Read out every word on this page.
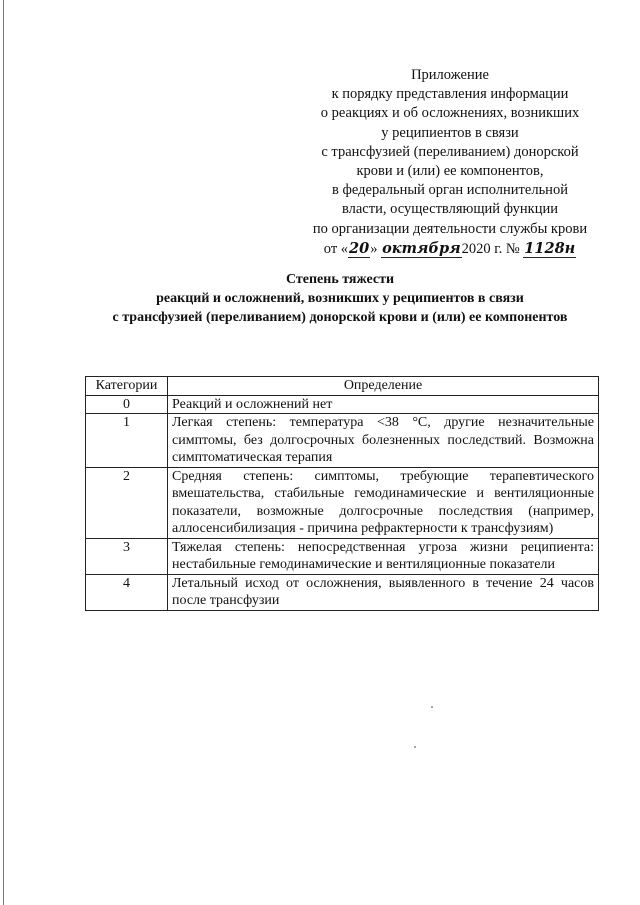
Приложение
к порядку представления информации
о реакциях и об осложнениях, возникших
у реципиентов в связи
с трансфузией (переливанием) донорской
крови и (или) ее компонентов,
в федеральный орган исполнительной
власти, осуществляющий функции
по организации деятельности службы крови
от «20» октября2020 г. № 1128н
Степень тяжести
реакций и осложнений, возникших у реципиентов в связи
с трансфузией (переливанием) донорской крови и (или) ее компонентов
Категории	Определение
0	Реакций и осложнений нет
1	Легкая степень: температура <38 °С, другие незначительные симптомы, без долгосрочных болезненных последствий. Возможна симптоматическая терапия
2	Средняя степень: симптомы, требующие терапевтического вмешательства, стабильные гемодинамические и вентиляционные показатели, возможные долгосрочные последствия (например, аллосенсибилизация - причина рефрактерности к трансфузиям)
3	Тяжелая степень: непосредственная угроза жизни реципиента: нестабильные гемодинамические и вентиляционные показатели
4	Летальный исход от осложнения, выявленного в течение 24 часов после трансфузии
